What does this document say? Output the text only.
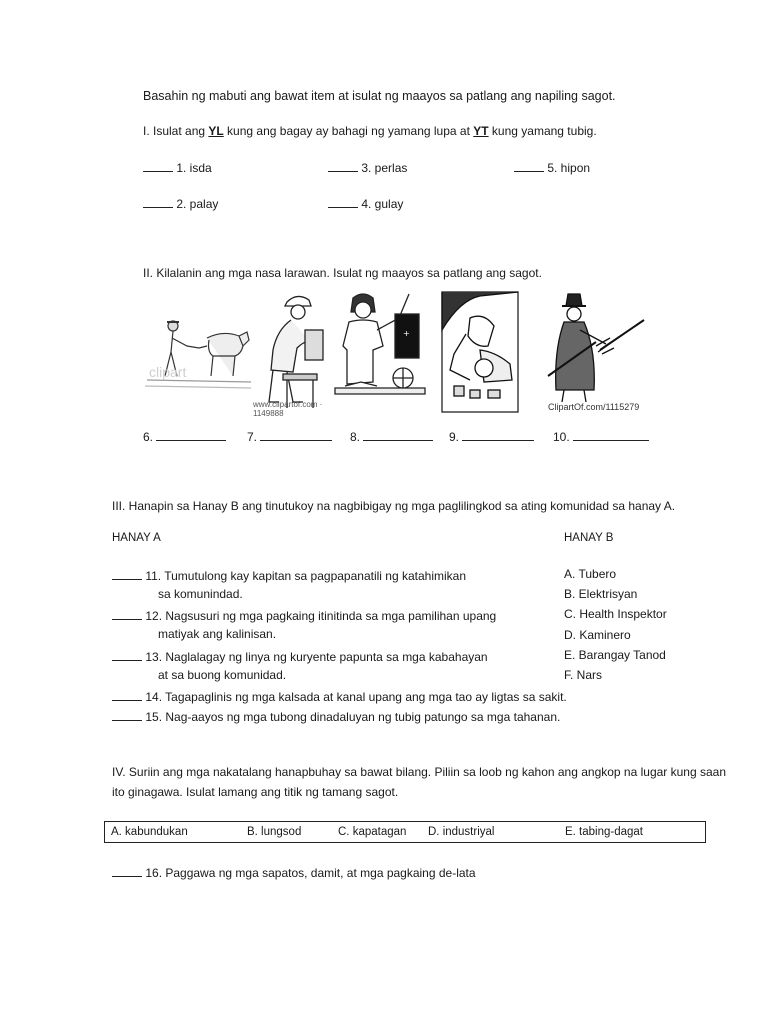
Basahin ng mabuti ang bawat item at isulat ng maayos sa patlang ang napiling sagot.
I. Isulat ang YL kung ang bagay ay bahagi ng yamang lupa at YT kung yamang tubig.
1. isda
2. palay
3. perlas
4. gulay
5. hipon
II. Kilalanin ang mga nasa larawan. Isulat ng maayos sa patlang ang sagot.
clipart
www.clipartof.com · 1149888
+
ClipartOf.com/1115279
6.	7.	8.	9.	10.
III. Hanapin sa Hanay B ang tinutukoy na nagbibigay ng mga paglilingkod sa ating komunidad sa hanay A.
HANAY A	HANAY B
11. Tumutulong kay kapitan sa pagpapanatili ng katahimikan
sa komunindad.
12. Nagsusuri ng mga pagkaing itinitinda sa mga pamilihan upang
matiyak ang kalinisan.
13. Naglalagay ng linya ng kuryente papunta sa mga kabahayan
at sa buong komunidad.
14. Tagapaglinis ng mga kalsada at kanal upang ang mga tao ay ligtas sa sakit.
15. Nag-aayos ng mga tubong dinadaluyan ng tubig patungo sa mga tahanan.
A. Tubero
B. Elektrisyan
C. Health Inspektor
D. Kaminero
E. Barangay Tanod
F. Nars
IV. Suriin ang mga nakatalang hanapbuhay sa bawat bilang. Piliin sa loob ng kahon ang angkop na lugar kung saan
ito ginagawa. Isulat lamang ang titik ng tamang sagot.
A. kabundukan	B. lungsod	C. kapatagan D. industriyal	E. tabing-dagat
16. Paggawa ng mga sapatos, damit, at mga pagkaing de-lata
